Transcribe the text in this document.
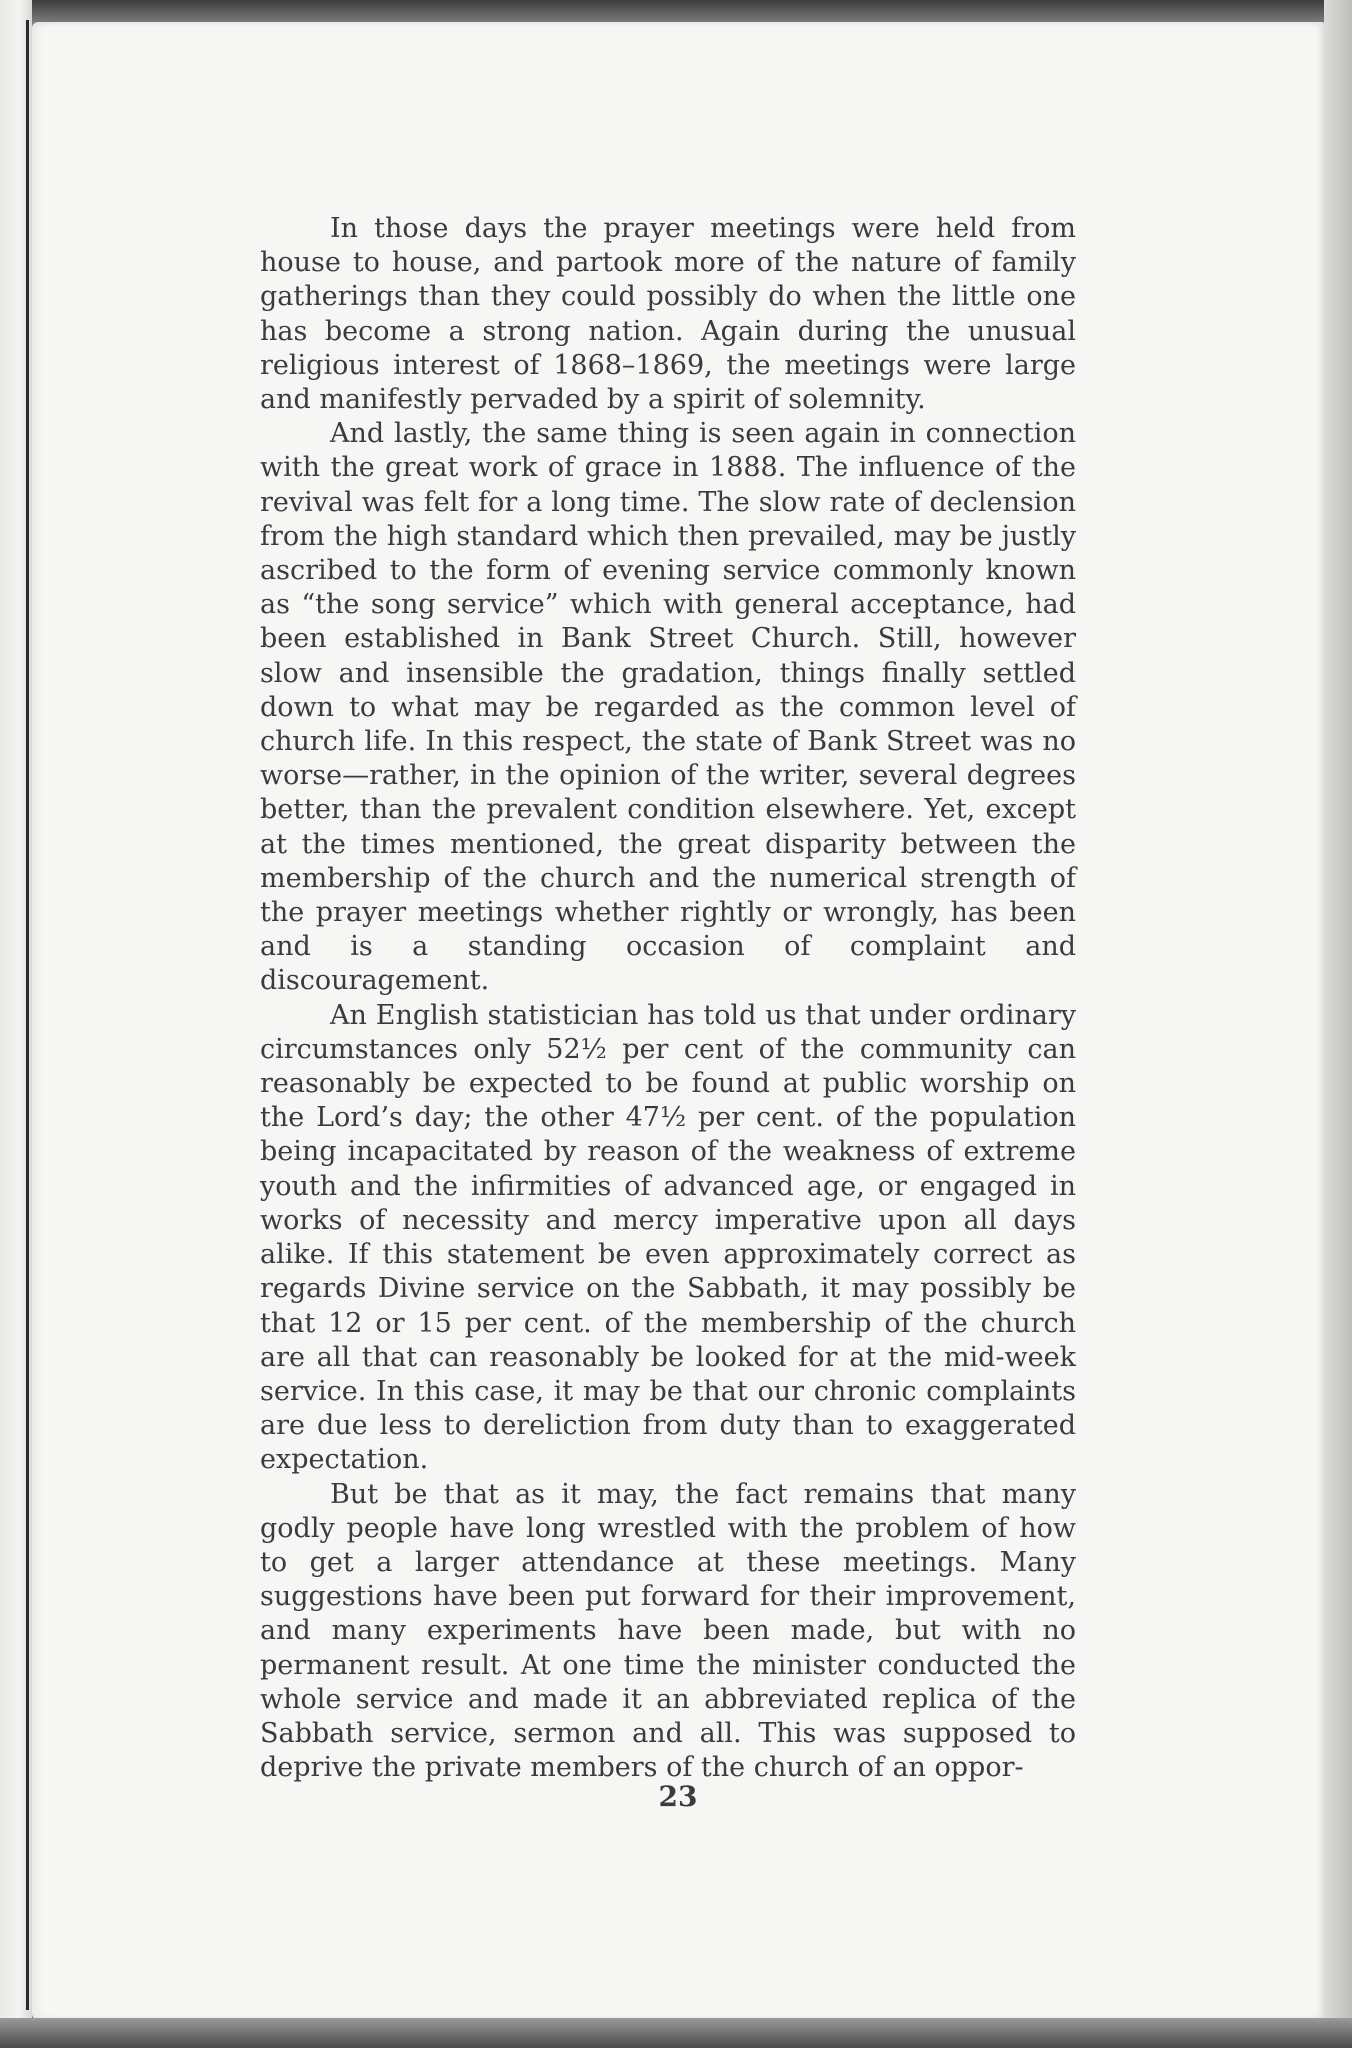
In those days the prayer meetings were held from house to house, and partook more of the nature of family gatherings than they could possibly do when the little one has become a strong nation. Again during the unusual religious interest of 1868–1869, the meetings were large and manifestly pervaded by a spirit of solemnity.

And lastly, the same thing is seen again in connection with the great work of grace in 1888. The influence of the revival was felt for a long time. The slow rate of declension from the high standard which then prevailed, may be justly ascribed to the form of evening service commonly known as “the song service” which with general acceptance, had been established in Bank Street Church. Still, however slow and insensible the gradation, things finally settled down to what may be regarded as the common level of church life. In this respect, the state of Bank Street was no worse—rather, in the opinion of the writer, several degrees better, than the prevalent condition elsewhere. Yet, except at the times mentioned, the great disparity between the membership of the church and the numerical strength of the prayer meetings whether rightly or wrongly, has been and is a standing occasion of complaint and discouragement.

An English statistician has told us that under ordinary circumstances only 52½ per cent of the community can reasonably be expected to be found at public worship on the Lord’s day; the other 47½ per cent. of the population being incapacitated by reason of the weakness of extreme youth and the infirmities of advanced age, or engaged in works of necessity and mercy imperative upon all days alike. If this statement be even approximately correct as regards Divine service on the Sabbath, it may possibly be that 12 or 15 per cent. of the membership of the church are all that can reasonably be looked for at the mid-week service. In this case, it may be that our chronic complaints are due less to dereliction from duty than to exaggerated expectation.

But be that as it may, the fact remains that many godly people have long wrestled with the problem of how to get a larger attendance at these meetings. Many suggestions have been put forward for their improvement, and many experiments have been made, but with no permanent result. At one time the minister conducted the whole service and made it an abbreviated replica of the Sabbath service, sermon and all. This was supposed to deprive the private members of the church of an oppor-

23
